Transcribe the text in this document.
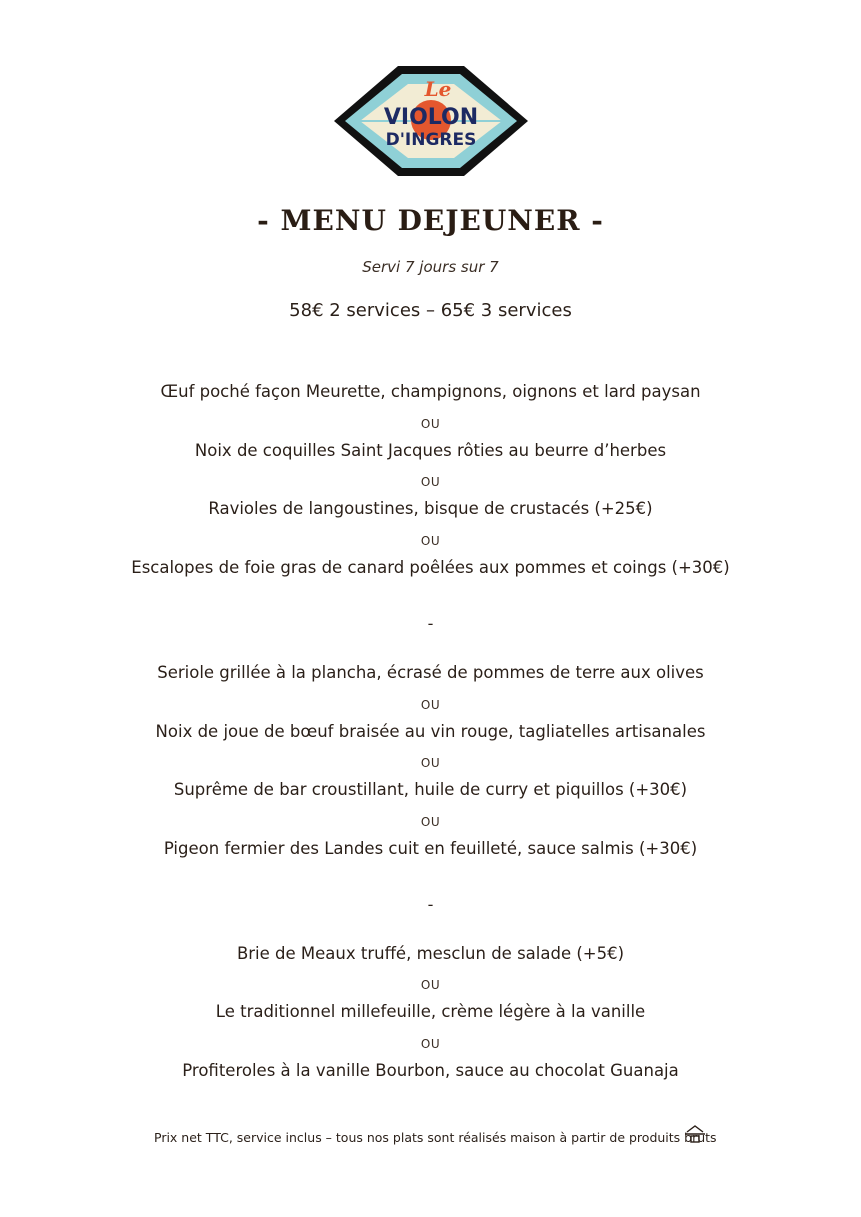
Le
VIOLON
D'INGRES
- MENU DEJEUNER -
Servi 7 jours sur 7
58€ 2 services – 65€ 3 services
Œuf poché façon Meurette, champignons, oignons et lard paysan
OU
Noix de coquilles Saint Jacques rôties au beurre d’herbes
OU
Ravioles de langoustines, bisque de crustacés (+25€)
OU
Escalopes de foie gras de canard poêlées aux pommes et coings (+30€)
-
Seriole grillée à la plancha, écrasé de pommes de terre aux olives
OU
Noix de joue de bœuf braisée au vin rouge, tagliatelles artisanales
OU
Suprême de bar croustillant, huile de curry et piquillos (+30€)
OU
Pigeon fermier des Landes cuit en feuilleté, sauce salmis (+30€)
-
Brie de Meaux truffé, mesclun de salade (+5€)
OU
Le traditionnel millefeuille, crème légère à la vanille
OU
Profiteroles à la vanille Bourbon, sauce au chocolat Guanaja
Prix net TTC, service inclus – tous nos plats sont réalisés maison à partir de produits bruts
